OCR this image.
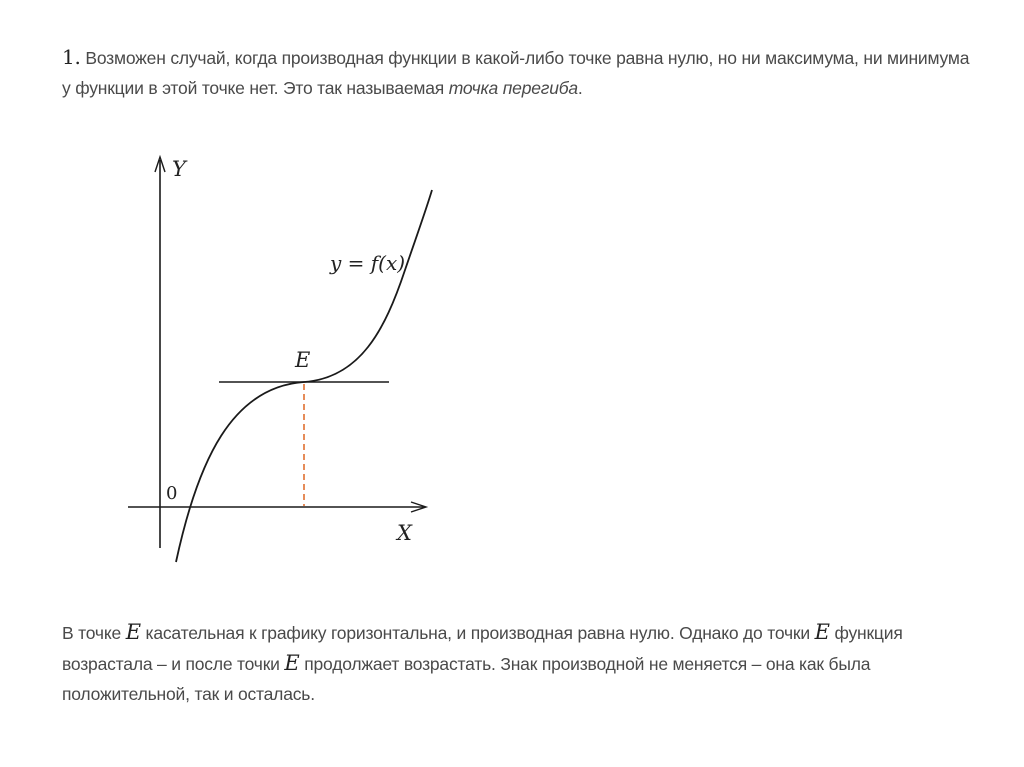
1. Возможен случай, когда производная функции в какой-либо точке равна нулю, но ни максимума, ни минимума
у функции в этой точке нет. Это так называемая точка перегиба.

Y
X
0
E
y = f(x)

В точке E касательная к графику горизонтальна, и производная равна нулю. Однако до точки E функция
возрастала – и после точки E продолжает возрастать. Знак производной не меняется – она как была
положительной, так и осталась.
